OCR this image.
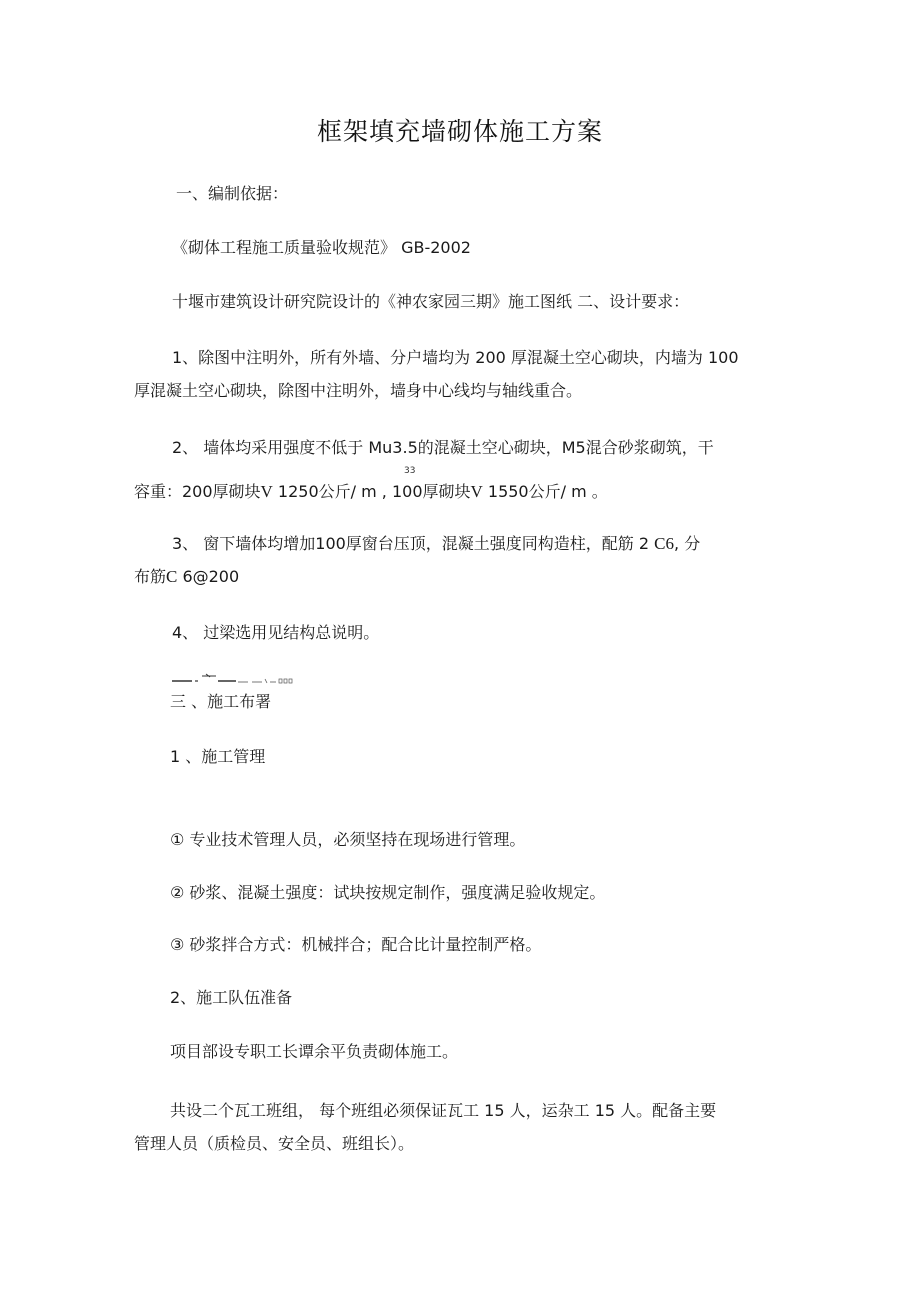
框架填充墙砌体施工方案
一、编制依据：
《砌体工程施工质量验收规范》 GB-2002
十堰市建筑设计研究院设计的《神农家园三期》施工图纸 二、设计要求：
1、除图中注明外，所有外墙、分户墙均为 200 厚混凝土空心砌块，内墙为 100
厚混凝土空心砌块，除图中注明外，墙身中心线均与轴线重合。
2、 墙体均采用强度不低于 Mu3.5的混凝土空心砌块，M5混合砂浆砌筑，干
33
容重：200厚砌块V 1250公斤/ m , 100厚砌块V 1550公斤/ m 。
3、 窗下墙体均增加100厚窗台压顶，混凝土强度同构造柱，配筋 2 C6, 分
布筋C 6@200
4、 过梁选用见结构总说明。
三 、施工布署
1 、施工管理
① 专业技术管理人员，必须坚持在现场进行管理。
② 砂浆、混凝土强度：试块按规定制作，强度满足验收规定。
③ 砂浆拌合方式：机械拌合；配合比计量控制严格。
2、施工队伍准备
项目部设专职工长谭余平负责砌体施工。
共设二个瓦工班组， 每个班组必须保证瓦工 15 人，运杂工 15 人。配备主要
管理人员（质检员、安全员、班组长）。
